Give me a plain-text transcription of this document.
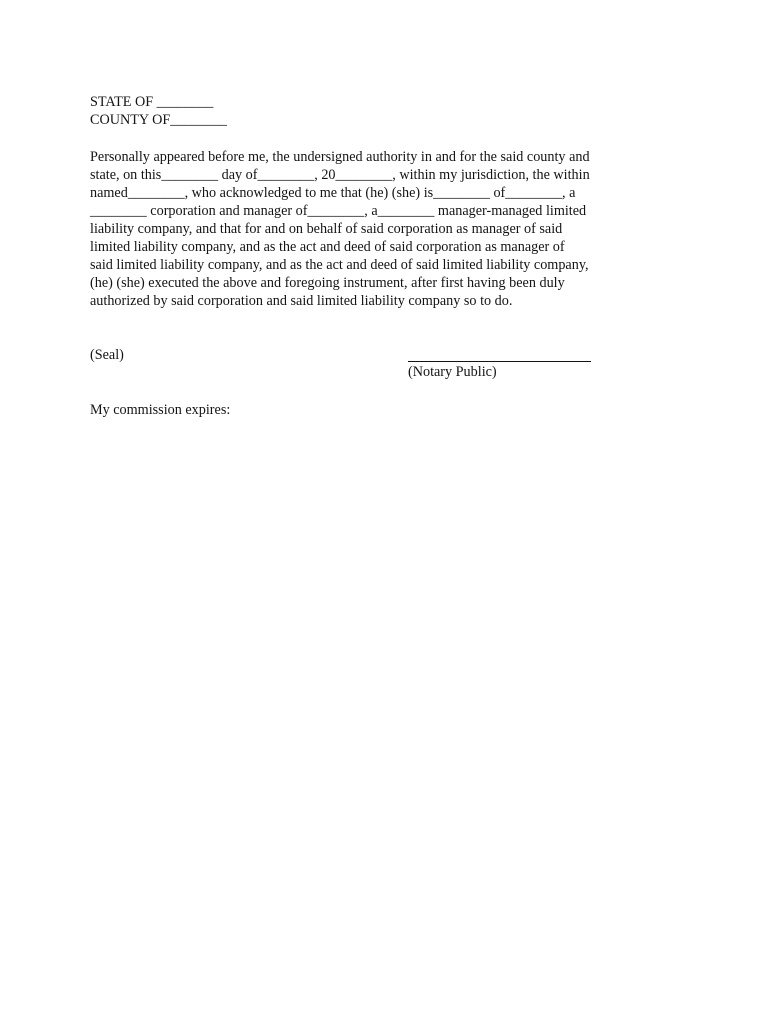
STATE OF ________
COUNTY OF________
Personally appeared before me, the undersigned authority in and for the said county and
state, on this________ day of________, 20________, within my jurisdiction, the within
named________, who acknowledged to me that (he) (she) is________ of________, a
________ corporation and manager of________, a________ manager-managed limited
liability company, and that for and on behalf of said corporation as manager of said
limited liability company, and as the act and deed of said corporation as manager of
said limited liability company, and as the act and deed of said limited liability company,
(he) (she) executed the above and foregoing instrument, after first having been duly
authorized by said corporation and said limited liability company so to do.
(Seal)
(Notary Public)
My commission expires:
